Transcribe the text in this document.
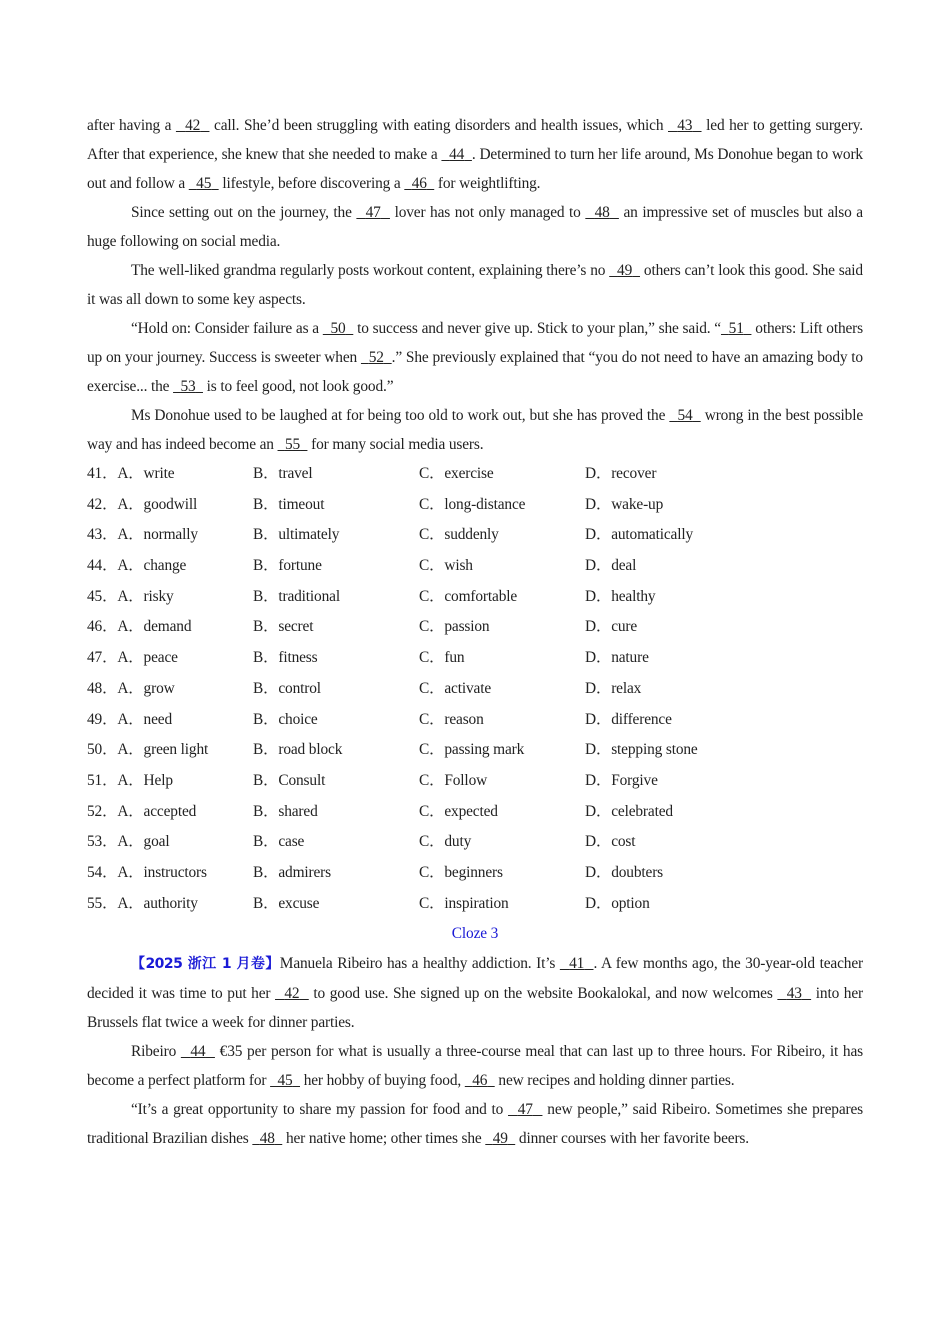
after having a   42   call. She’d been struggling with eating disorders and health issues, which   43   led her to getting surgery. After that experience, she knew that she needed to make a   44 . Determined to turn her life around, Ms Donohue began to work out and follow a   45   lifestyle, before discovering a   46   for weightlifting.

Since setting out on the journey, the   47   lover has not only managed to   48   an impressive set of muscles but also a huge following on social media.

The well-liked grandma regularly posts workout content, explaining there’s no   49   others can’t look this good. She said it was all down to some key aspects.

“Hold on: Consider failure as a   50   to success and never give up. Stick to your plan,” she said. “ 51   others: Lift others up on your journey. Success is sweeter when   52 .” She previously explained that “you do not need to have an amazing body to exercise... the   53   is to feel good, not look good.”

Ms Donohue used to be laughed at for being too old to work out, but she has proved the   54   wrong in the best possible way and has indeed become an   55   for many social media users.

41．A．write	B．travel	C．exercise	D．recover
42．A．goodwill	B．timeout	C．long-distance	D．wake-up
43．A．normally	B．ultimately	C．suddenly	D．automatically
44．A．change	B．fortune	C．wish	D．deal
45．A．risky	B．traditional	C．comfortable	D．healthy
46．A．demand	B．secret	C．passion	D．cure
47．A．peace	B．fitness	C．fun	D．nature
48．A．grow	B．control	C．activate	D．relax
49．A．need	B．choice	C．reason	D．difference
50．A．green light	B．road block	C．passing mark	D．stepping stone
51．A．Help	B．Consult	C．Follow	D．Forgive
52．A．accepted	B．shared	C．expected	D．celebrated
53．A．goal	B．case	C．duty	D．cost
54．A．instructors	B．admirers	C．beginners	D．doubters
55．A．authority	B．excuse	C．inspiration	D．option
Cloze 3

【2025 浙江 1 月卷】Manuela Ribeiro has a healthy addiction. It’s   41 . A few months ago, the 30-year-old teacher decided it was time to put her   42   to good use. She signed up on the website Bookalokal, and now welcomes   43   into her Brussels flat twice a week for dinner parties.

Ribeiro   44   €35 per person for what is usually a three-course meal that can last up to three hours. For Ribeiro, it has become a perfect platform for   45   her hobby of buying food,   46   new recipes and holding dinner parties.

“It’s a great opportunity to share my passion for food and to   47   new people,” said Ribeiro. Sometimes she prepares traditional Brazilian dishes   48   her native home; other times she   49   dinner courses with her favorite beers.
